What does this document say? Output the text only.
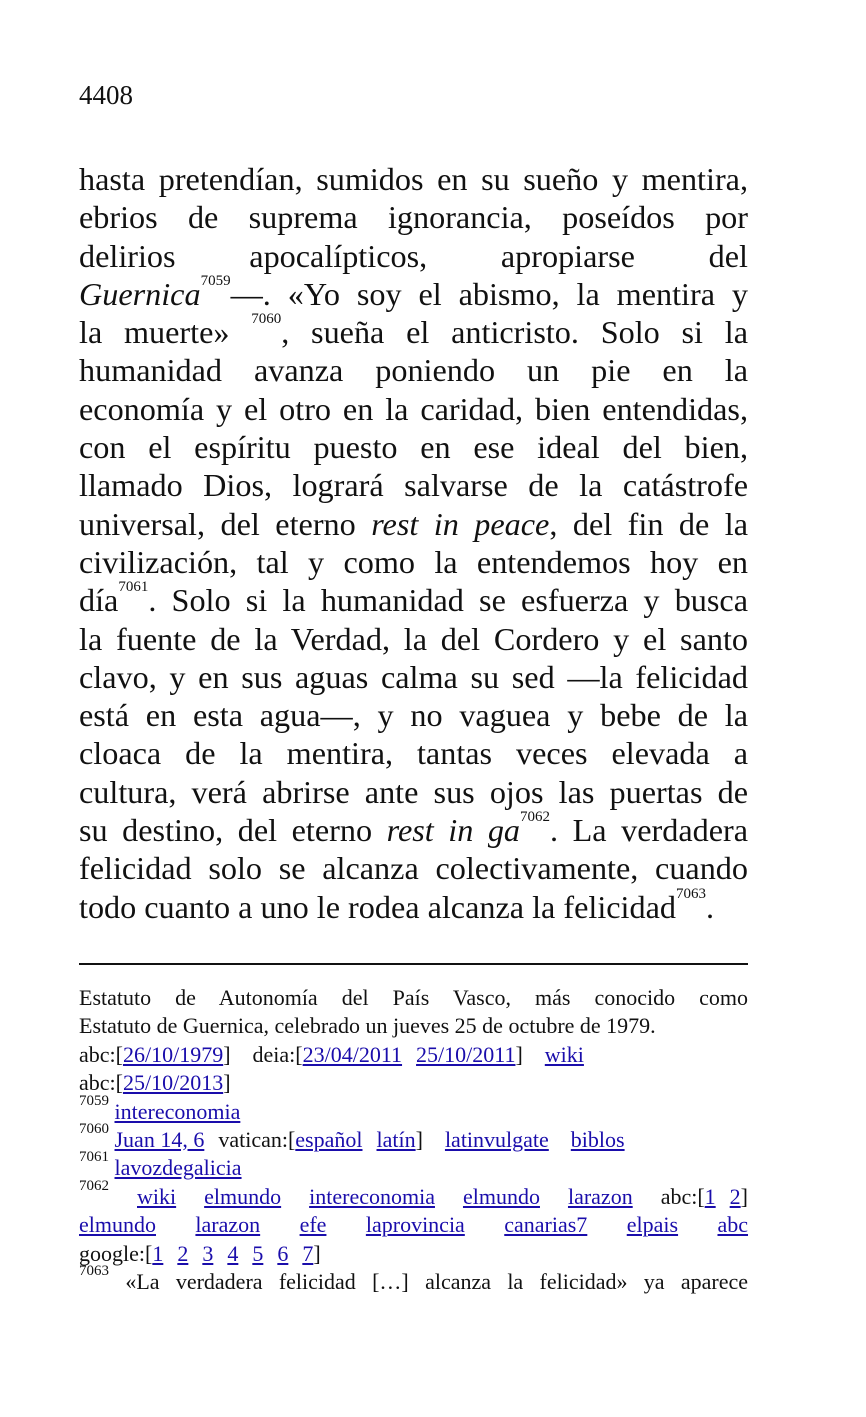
4408
hasta pretendían, sumidos en su sueño y mentira,
ebrios de suprema ignorancia, poseídos por
delirios apocalípticos, apropiarse del
Guernica$^{7059}$—. «Yo soy el abismo, la mentira y
la muerte» $^{7060}$, sueña el anticristo. Solo si la
humanidad avanza poniendo un pie en la
economía y el otro en la caridad, bien entendidas,
con el espíritu puesto en ese ideal del bien,
llamado Dios, logrará salvarse de la catástrofe
universal, del eterno rest in peace, del fin de la
civilización, tal y como la entendemos hoy en
día$^{7061}$. Solo si la humanidad se esfuerza y busca
la fuente de la Verdad, la del Cordero y el santo
clavo, y en sus aguas calma su sed —la felicidad
está en esta agua—, y no vaguea y bebe de la
cloaca de la mentira, tantas veces elevada a
cultura, verá abrirse ante sus ojos las puertas de
su destino, del eterno rest in ga$^{7062}$. La verdadera
felicidad solo se alcanza colectivamente, cuando
todo cuanto a uno le rodea alcanza la felicidad$^{7063}$.
Estatuto de Autonomía del País Vasco, más conocido como
Estatuto de Guernica, celebrado un jueves 25 de octubre de 1979.
abc:[26/10/1979] deia:[23/04/2011 25/10/2011] wiki
abc:[25/10/2013]
$^{7059}$ intereconomia
$^{7060}$ Juan 14, 6 vatican:[español latín] latinvulgate biblos
$^{7061}$ lavozdegalicia
$^{7062}$ wiki elmundo intereconomia elmundo larazon abc:[1 2]
elmundo larazon efe laprovincia canarias7 elpais abc
google:[1 2 3 4 5 6 7]
$^{7063}$ «La verdadera felicidad […] alcanza la felicidad» ya aparece
